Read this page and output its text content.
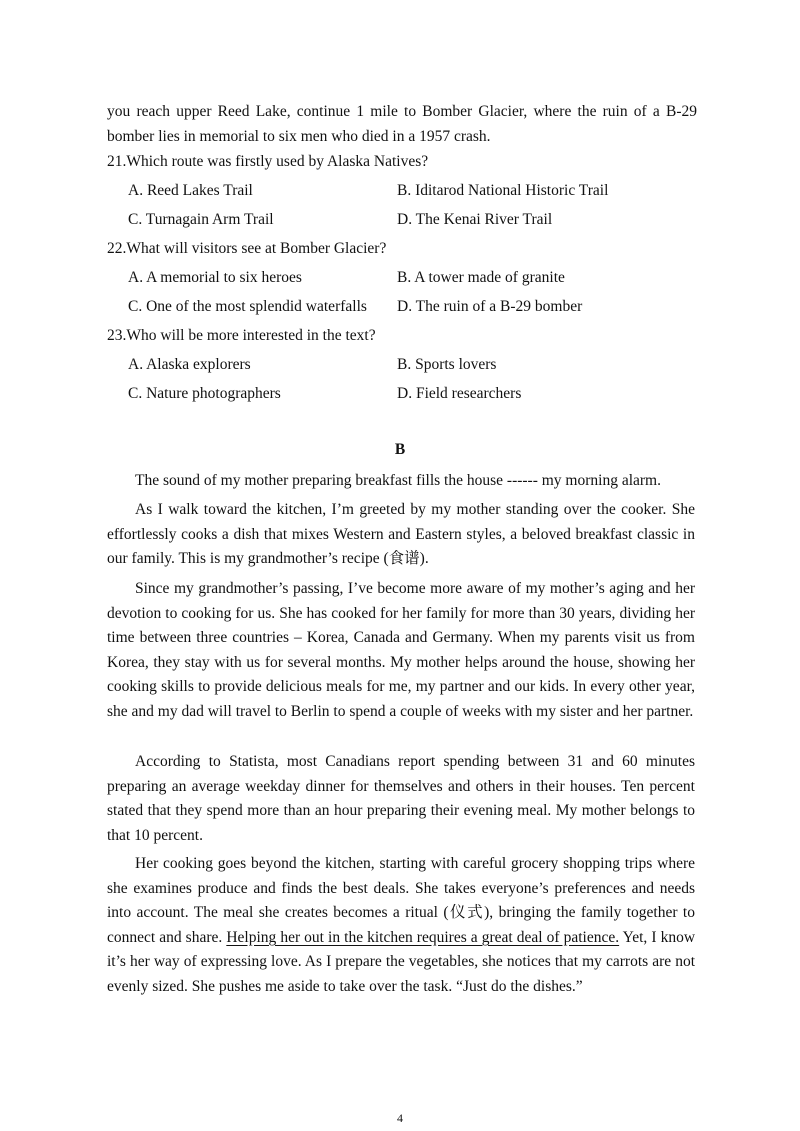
you reach upper Reed Lake, continue 1 mile to Bomber Glacier, where the ruin of a B-29 bomber lies in memorial to six men who died in a 1957 crash.

21.Which route was firstly used by Alaska Natives?

A. Reed Lakes Trail	B. Iditarod National Historic Trail

C. Turnagain Arm Trail	D. The Kenai River Trail

22.What will visitors see at Bomber Glacier?

A. A memorial to six heroes	B. A tower made of granite

C. One of the most splendid waterfalls D. The ruin of a B-29 bomber

23.Who will be more interested in the text?

A. Alaska explorers	B. Sports lovers

C. Nature photographers	D. Field researchers

B

The sound of my mother preparing breakfast fills the house ------ my morning alarm.

As I walk toward the kitchen, I’m greeted by my mother standing over the cooker. She effortlessly cooks a dish that mixes Western and Eastern styles, a beloved breakfast classic in our family. This is my grandmother’s recipe (食谱).

Since my grandmother’s passing, I’ve become more aware of my mother’s aging and her devotion to cooking for us. She has cooked for her family for more than 30 years, dividing her time between three countries – Korea, Canada and Germany. When my parents visit us from Korea, they stay with us for several months. My mother helps around the house, showing her cooking skills to provide delicious meals for me, my partner and our kids. In every other year, she and my dad will travel to Berlin to spend a couple of weeks with my sister and her partner.

According to Statista, most Canadians report spending between 31 and 60 minutes preparing an average weekday dinner for themselves and others in their houses. Ten percent stated that they spend more than an hour preparing their evening meal. My mother belongs to that 10 percent.

Her cooking goes beyond the kitchen, starting with careful grocery shopping trips where she examines produce and finds the best deals. She takes everyone’s preferences and needs into account. The meal she creates becomes a ritual (仪式), bringing the family together to connect and share. Helping her out in the kitchen requires a great deal of patience. Yet, I know it’s her way of expressing love. As I prepare the vegetables, she notices that my carrots are not evenly sized. She pushes me aside to take over the task. “Just do the dishes.”

4
